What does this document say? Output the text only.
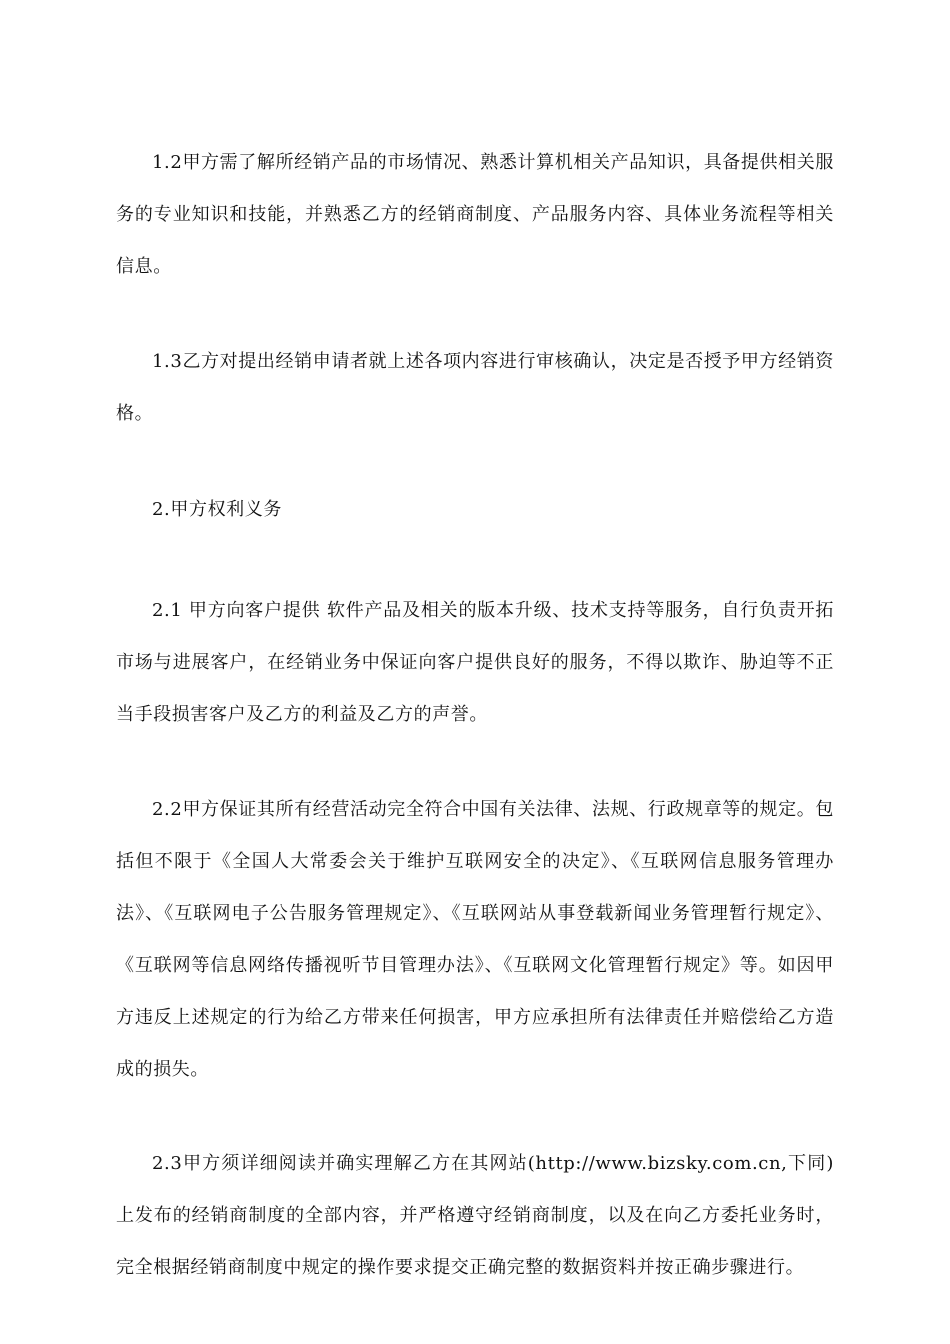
1.2甲方需了解所经销产品的市场情况、熟悉计算机相关产品知识，具备提供相关服务的专业知识和技能，并熟悉乙方的经销商制度、产品服务内容、具体业务流程等相关信息。

1.3乙方对提出经销申请者就上述各项内容进行审核确认，决定是否授予甲方经销资格。

2.甲方权利义务

2.1 甲方向客户提供 软件产品及相关的版本升级、技术支持等服务，自行负责开拓市场与进展客户，在经销业务中保证向客户提供良好的服务，不得以欺诈、胁迫等不正当手段损害客户及乙方的利益及乙方的声誉。

2.2甲方保证其所有经营活动完全符合中国有关法律、法规、行政规章等的规定。包括但不限于《全国人大常委会关于维护互联网安全的决定》、《互联网信息服务管理办法》、《互联网电子公告服务管理规定》、《互联网站从事登载新闻业务管理暂行规定》、《互联网等信息网络传播视听节目管理办法》、《互联网文化管理暂行规定》等。如因甲方违反上述规定的行为给乙方带来任何损害，甲方应承担所有法律责任并赔偿给乙方造成的损失。

2.3甲方须详细阅读并确实理解乙方在其网站(http://www.bizsky.com.cn,下同)上发布的经销商制度的全部内容，并严格遵守经销商制度，以及在向乙方委托业务时，完全根据经销商制度中规定的操作要求提交正确完整的数据资料并按正确步骤进行。
